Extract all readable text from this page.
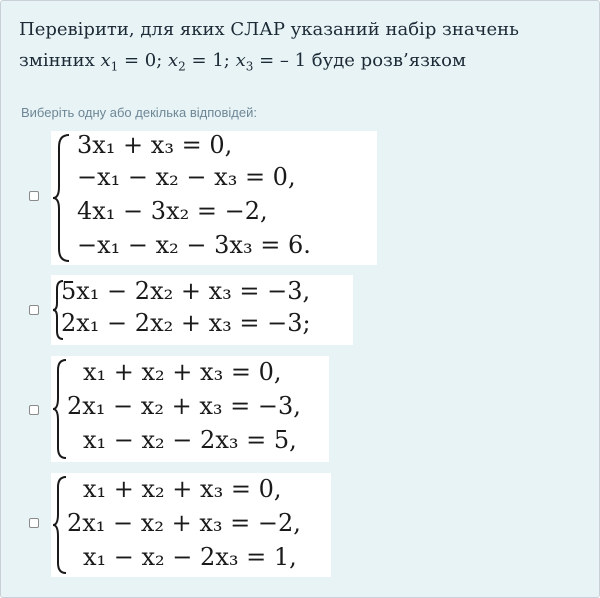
Перевірити, для яких СЛАР указаний набір значень змінних $x_1 = 0$; $x_2 = 1$; $x_3$ = – 1 буде розв’язком
Виберіть одну або декілька відповідей:
3x₁ + x₃ = 0,
−x₁ − x₂ − x₃ = 0,
4x₁ − 3x₂ = −2,
−x₁ − x₂ − 3x₃ = 6.
5x₁ − 2x₂ + x₃ = −3,
2x₁ − 2x₂ + x₃ = −3;
x₁ + x₂ + x₃ = 0,
2x₁ − x₂ + x₃ = −3,
x₁ − x₂ − 2x₃ = 5,
x₁ + x₂ + x₃ = 0,
2x₁ − x₂ + x₃ = −2,
x₁ − x₂ − 2x₃ = 1,
